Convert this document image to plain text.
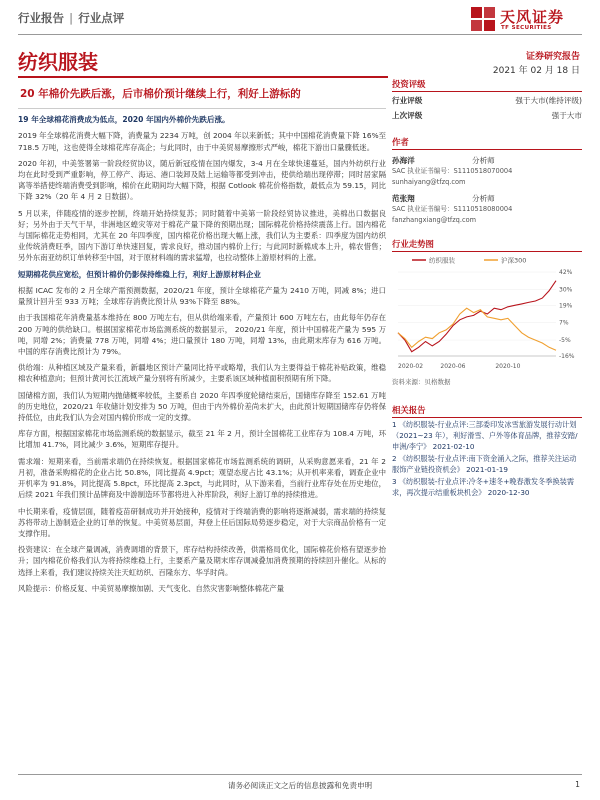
行业报告 | 行业点评	天风证券
TF SECURITIES
纺织服装	证券研究报告
2021 年 02 月 18 日
20 年棉价先跌后涨，后市棉价预计继续上行，利好上游标的
19 年全球棉花消费成为低点，2020 年国内外棉价先跌后涨。
2019 年全球棉花消费大幅下降，消费量为 2234 万吨，创 2004 年以来新低；其中中国棉花消费量下降 16%至 718.5 万吨，这也使得全球棉花库存高企；与此同时，由于中美贸易摩擦形式严峻，棉花下游出口量骤低迷。
2020 年初，中美签署第一阶段经贸协议，随后新冠疫情在国内爆发，3-4 月在全球快速蔓延，国内外纺织行业均在此时受到严重影响，停工停产、海运、港口装卸及陆上运输等都受到冲击，使供给端出现停滞；同时居家隔离等举措使终端消费受到影响，棉价在此期间均大幅下降，根据 Cotlook 棉花价格指数，最低点为 59.15，同比下降 32%（20 年 4 月 2 日数据）。
5 月以来，伴随疫情的逐步控制，终端开始持续复苏；同时随着中美第一阶段经贸协议推进，美棉出口数据良好；另外由于天气干旱，非洲地区蝗灾等对于棉花产量下降的预期出现；国际棉花价格持续震荡上行。国内棉花与国际棉花走势相同，尤其在 20 年四季度，国内棉花价格出现大幅上涨，我们认为主要系：四季度为国内纺织业传统消费旺季，国内下游订单快速回复，需求良好，推动国内棉价上行；与此同时新棉成本上升，棉农惜售；另外东南亚纺织订单转移至中国，对于原材料端的需求猛增，也拉动整体上游原材料的上涨。
短期棉花供应宽松，但预计棉价仍影保持维稳上行，利好上游原材料企业
根据 ICAC 发布的 2 月全球产需预测数据，2020/21 年度，预计全球棉花产量为 2410 万吨，同减 8%；进口量预计回升至 933 万吨；全球库存消费比预计从 93%下降至 88%。
由于我国棉花年消费量基本维持在 800 万吨左右，但从供给端来看，产量预计 600 万吨左右，由此每年仍存在 200 万吨的供给缺口。根据国家棉花市场监测系统的数据显示， 2020/21 年度，预计中国棉花产量为 595 万吨，同增 2%；消费量 778 万吨，同增 4%；进口量预计 180 万吨，同增 13%，由此期末库存为 616 万吨。中国的库存消费比预计为 79%。
供给端：从种植区域及产量来看，新疆地区预计产量同比持平或略增，我们认为主要得益于棉花补贴政策，维稳棉农种植意向；但预计黄河长江流域产量分别将有所减少，主要系该区域种植面积预期有所下降。
国储棉方面，我们认为短期内抛储概率较低，主要系自 2020 年四季度轮储结束后，国储库存降至 152.61 万吨的历史地位，2020/21 年收储计划安排为 50 万吨，但由于内外棉价差尚未扩大，由此预计短期国储库存仍将保持低位，由此我们认为会对国内棉价形成一定的支撑。
库存方面，根据国家棉花市场监测系统的数据显示，截至 21 年 2 月，预计全国棉花工业库存为 108.4 万吨，环比增加 41.7%，同比减少 3.6%，短期库存提升。
需求端：短期来看，当前需求端仍在持续恢复。根据国家棉花市场监测系统的调研，从采购意愿来看，21 年 2 月初，准备采购棉花的企业占比 50.8%，同比提高 4.9pct；观望态度占比 43.1%；从开机率来看，调查企业中开机率为 91.8%，同比提高 5.8pct，环比提高 2.3pct，与此同时，从下游来看，当前行业库存处在历史地位，后续 2021 年我们预计品牌商及中游制造环节都将进入补库阶段，利好上游订单的持续推进。
中长期来看，疫情层面，随着疫苗研制成功并开始接种，疫情对于终端消费的影响将逐渐减弱，需求端的持续复苏将带动上游制造企业的订单的恢复。中美贸易层面，拜登上任后国际局势逐步稳定，对于大宗商品价格有一定支撑作用。
投资建议：在全球产量调减，消费调增的背景下，库存结构持续改善，供需格局优化，国际棉花价格有望逐步抬升；国内棉花价格我们认为将持续维稳上行，主要系产量及期末库存调减叠加消费预期的持续回升催化。从标的选择上来看，我们建议持续关注天虹纺织、百隆东方、华孚时尚。
风险提示：价格反复、中美贸易摩擦加剧、天气变化、自然灾害影响整体棉花产量
投资评级
行业评级	强于大市(维持评级)
上次评级	强于大市
作者
孙海洋	分析师
SAC 执业证书编号：S1110518070004
sunhaiyang@tfzq.com
范张翔	分析师
SAC 执业证书编号：S1110518080004
fanzhangxiang@tfzq.com
行业走势图
纺织服装	沪深300
-16%
-5%
7%
19%
30%
42%
2020-02	2020-06	2020-10
资料来源：贝格数据
相关报告
1 《纺织服装-行业点评:三部委印发冰雪旅游发展行动计划（2021~23 年），利好滑雪、户外等体育品牌，推荐安踏/申洲/李宁》 2021-02-10
2 《纺织服装-行业点评:南下资金涌入之际，推荐关注运动服饰产业链投资机会》 2021-01-19
3 《纺织服装-行业点评:冷冬+速冬+晚春激发冬季换装需求，再次提示结重板块机会》 2020-12-30
请务必阅读正文之后的信息披露和免责申明	1
